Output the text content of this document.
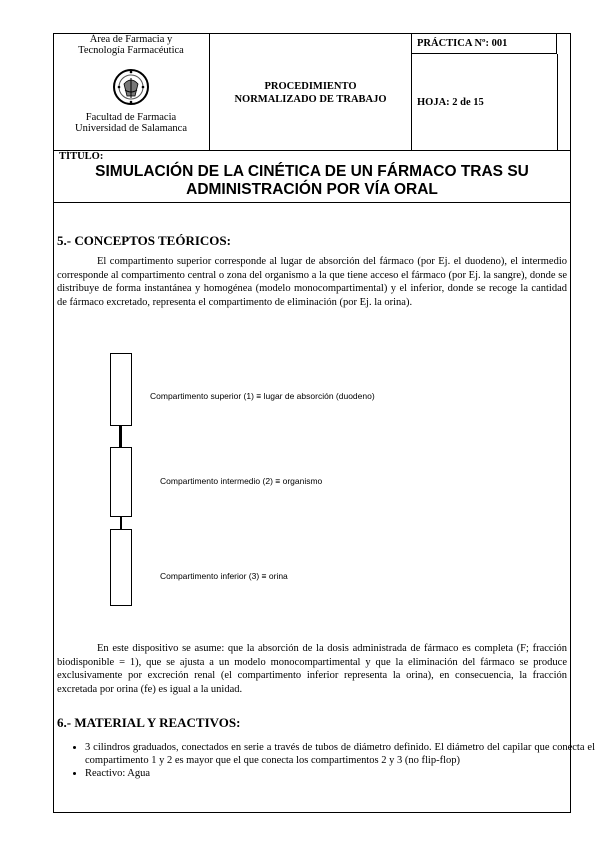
Área de Farmacia y
Tecnología Farmacéutica
Facultad de Farmacia
Universidad de Salamanca
PROCEDIMIENTO
NORMALIZADO DE TRABAJO
PRÁCTICA Nº: 001
HOJA: 2 de 15
TÍTULO:
SIMULACIÓN DE LA CINÉTICA DE UN FÁRMACO TRAS SU
ADMINISTRACIÓN POR VÍA ORAL
5.- CONCEPTOS TEÓRICOS:

El compartimento superior corresponde al lugar de absorción del fármaco (por Ej. el duodeno), el intermedio corresponde al compartimento central o zona del organismo a la que tiene acceso el fármaco (por Ej. la sangre), donde se distribuye de forma instantánea y homogénea (modelo monocompartimental) y el inferior, donde se recoge la cantidad de fármaco excretado, representa el compartimento de eliminación (por Ej. la orina).

Compartimento superior (1) ≡ lugar de absorción (duodeno)
Compartimento intermedio (2) ≡ organismo
Compartimento inferior (3) ≡ orina

En este dispositivo se asume: que la absorción de la dosis administrada de fármaco es completa (F; fracción biodisponible = 1), que se ajusta a un modelo monocompartimental y que la eliminación del fármaco se produce exclusivamente por excreción renal (el compartimento inferior representa la orina), en consecuencia, la fracción excretada por orina (fe) es igual a la unidad.

6.- MATERIAL Y REACTIVOS:
• 3 cilindros graduados, conectados en serie a través de tubos de diámetro definido. El diámetro del capilar que conecta el compartimento 1 y 2 es mayor que el que conecta los compartimentos 2 y 3 (no flip-flop)
• Reactivo: Agua
